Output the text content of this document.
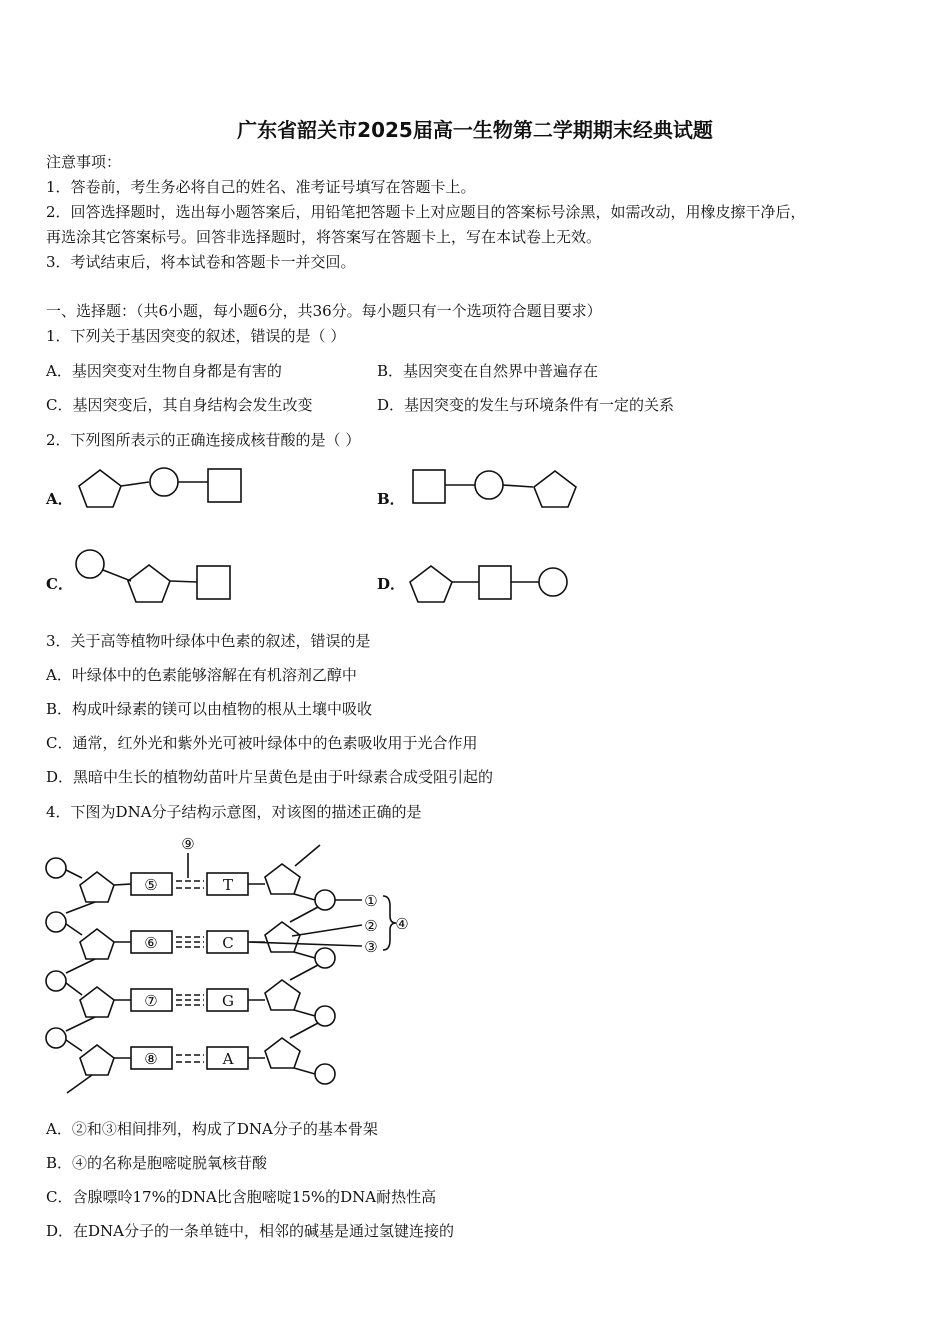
广东省韶关市2025届高一生物第二学期期末经典试题
注意事项：
1．答卷前，考生务必将自己的姓名、准考证号填写在答题卡上。
2．回答选择题时，选出每小题答案后，用铅笔把答题卡上对应题目的答案标号涂黑，如需改动，用橡皮擦干净后，
再选涂其它答案标号。回答非选择题时，将答案写在答题卡上，写在本试卷上无效。
3．考试结束后，将本试卷和答题卡一并交回。
一、选择题：（共6小题，每小题6分，共36分。每小题只有一个选项符合题目要求）
1．下列关于基因突变的叙述，错误的是（ ）
A．基因突变对生物自身都是有害的	B．基因突变在自然界中普遍存在
C．基因突变后，其自身结构会发生改变	D．基因突变的发生与环境条件有一定的关系
2．下列图所表示的正确连接成核苷酸的是（ ）
A．	B．
C．	D．
3．关于高等植物叶绿体中色素的叙述，错误的是
A．叶绿体中的色素能够溶解在有机溶剂乙醇中
B．构成叶绿素的镁可以由植物的根从土壤中吸收
C．通常，红外光和紫外光可被叶绿体中的色素吸收用于光合作用
D．黑暗中生长的植物幼苗叶片呈黄色是由于叶绿素合成受阻引起的
4．下图为DNA分子结构示意图，对该图的描述正确的是
⑤
⑥
⑦
⑧
⑨
T
C
G
A
①
②
③
④
A．②和③相间排列，构成了DNA分子的基本骨架
B．④的名称是胞嘧啶脱氧核苷酸
C．含腺嘌呤17%的DNA比含胞嘧啶15%的DNA耐热性高
D．在DNA分子的一条单链中，相邻的碱基是通过氢键连接的
